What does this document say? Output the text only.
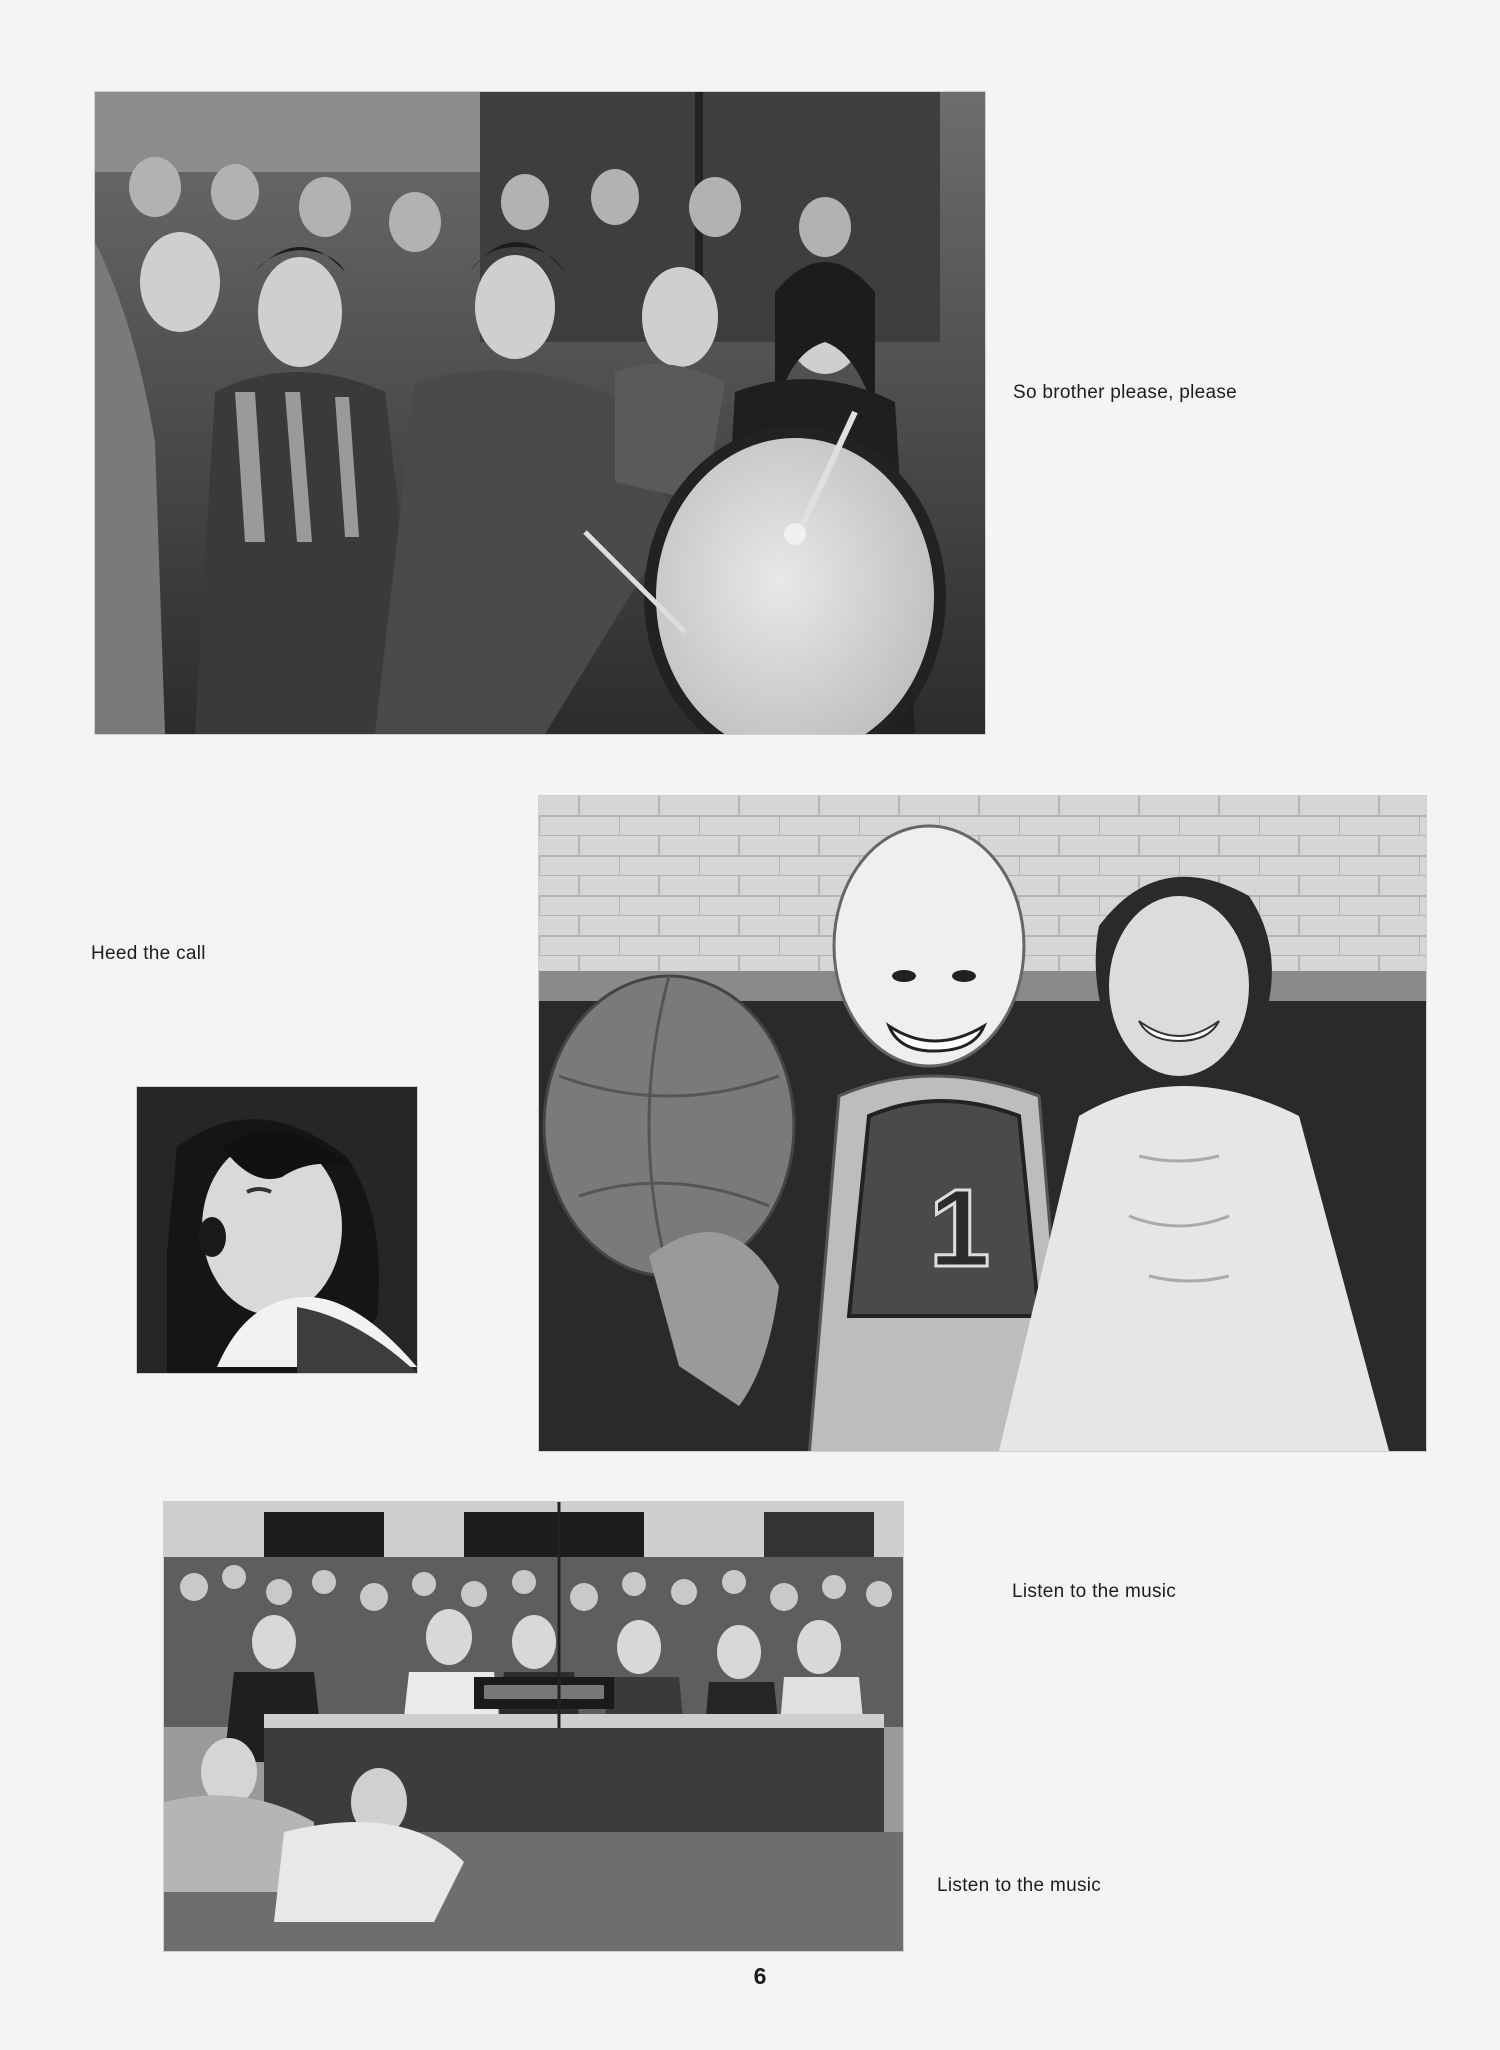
So brother please, please
Heed the call
1
Listen to the music
Listen to the music
6
